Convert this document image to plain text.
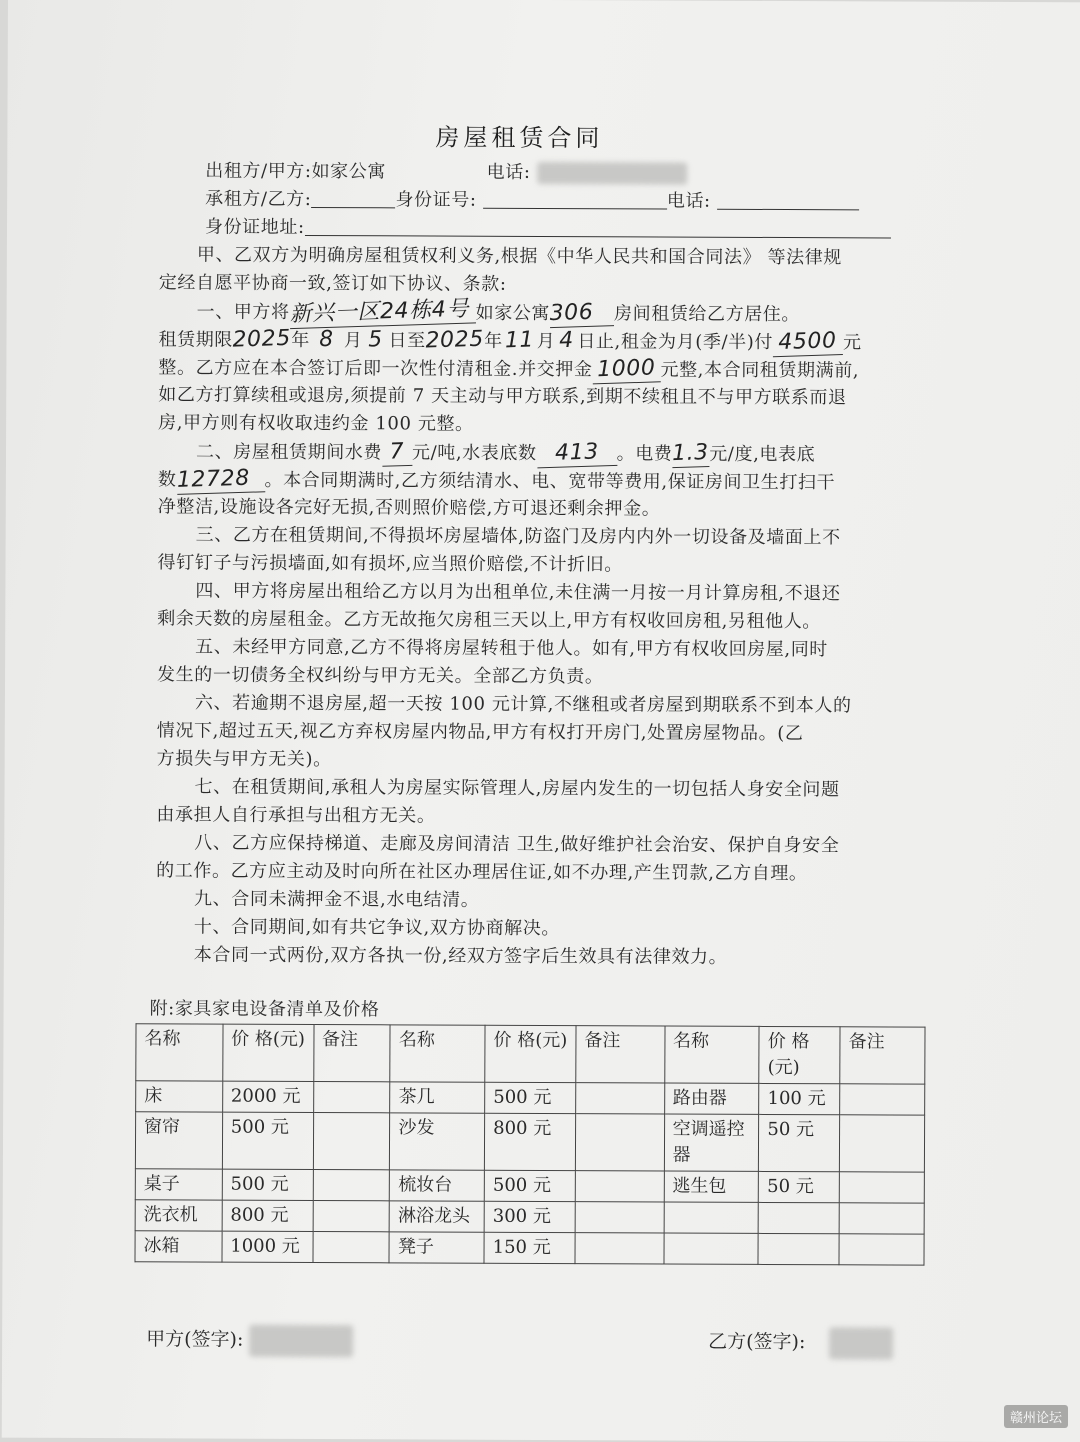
房屋租赁合同
出租方/甲方:如家公寓	电话:
承租方/乙方:	身份证号:	电话:
身份证地址:
甲、乙双方为明确房屋租赁权利义务,根据《中华人民共和国合同法》 等法律规
定经自愿平协商一致,签订如下协议、条款:
一、甲方将新兴一区24栋4号 如家公寓306 房间租赁给乙方居住。
租赁期限2025年 8 月 5 日至2025年11 月 4 日止,租金为月(季/半)付 4500 元
整。乙方应在本合签订后即一次性付清租金.并交押金 1000 元整,本合同租赁期满前,
如乙方打算续租或退房,须提前 7 天主动与甲方联系,到期不续租且不与甲方联系而退
房,甲方则有权收取违约金 100 元整。
二、房屋租赁期间水费 7 元/吨,水表底数 413 。电费1.3元/度,电表底
数12728 。本合同期满时,乙方须结清水、电、宽带等费用,保证房间卫生打扫干
净整洁,设施设各完好无损,否则照价赔偿,方可退还剩余押金。
三、乙方在租赁期间,不得损坏房屋墙体,防盗门及房内内外一切设备及墙面上不
得钉钉子与污损墙面,如有损坏,应当照价赔偿,不计折旧。
四、甲方将房屋出租给乙方以月为出租单位,未住满一月按一月计算房租,不退还
剩余天数的房屋租金。乙方无故拖欠房租三天以上,甲方有权收回房租,另租他人。
五、未经甲方同意,乙方不得将房屋转租于他人。如有,甲方有权收回房屋,同时
发生的一切债务全权纠纷与甲方无关。全部乙方负责。
六、若逾期不退房屋,超一天按 100 元计算,不继租或者房屋到期联系不到本人的
情况下,超过五天,视乙方弃权房屋内物品,甲方有权打开房门,处置房屋物品。(乙
方损失与甲方无关)。
七、在租赁期间,承租人为房屋实际管理人,房屋内发生的一切包括人身安全问题
由承担人自行承担与出租方无关。
八、乙方应保持梯道、走廊及房间清洁 卫生,做好维护社会治安、保护自身安全
的工作。乙方应主动及时向所在社区办理居住证,如不办理,产生罚款,乙方自理。
九、合同未满押金不退,水电结清。
十、合同期间,如有共它争议,双方协商解决。
本合同一式两份,双方各执一份,经双方签字后生效具有法律效力。
附:家具家电设备清单及价格
名称	价 格(元)	备注	名称	价 格(元)	备注	名称	价 格(元)	备注
床	2000 元		茶几	500 元		路由器	100 元	
窗帘	500 元		沙发	800 元		空调遥控器	50 元	
桌子	500 元		梳妆台	500 元		逃生包	50 元	
洗衣机	800 元		淋浴龙头	300 元				
冰箱	1000 元		凳子	150 元				
甲方(签字):	乙方(签字):
赣州论坛
